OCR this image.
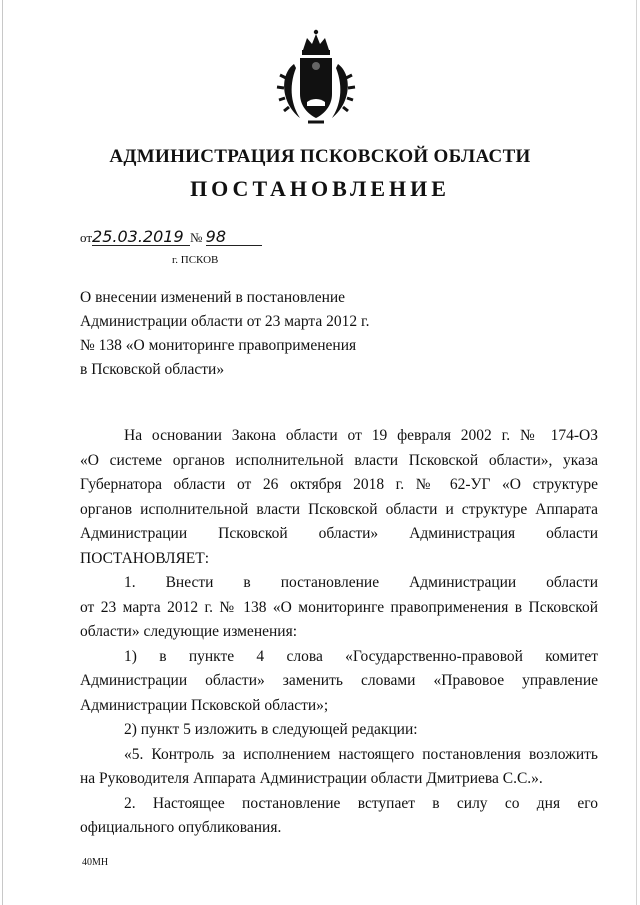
АДМИНИСТРАЦИЯ ПСКОВСКОЙ ОБЛАСТИ
ПОСТАНОВЛЕНИЕ
от25.03.2019 № 98
г. ПСКОВ
О внесении изменений в постановление
Администрации области от 23 марта 2012 г.
№ 138 «О мониторинге правоприменения
в Псковской области»

На основании Закона области от 19 февраля 2002 г. № 174-ОЗ

«О системе органов исполнительной власти Псковской области», указа

Губернатора области от 26 октября 2018 г. № 62-УГ «О структуре

органов исполнительной власти Псковской области и структуре Аппарата

Администрации Псковской области» Администрация области

ПОСТАНОВЛЯЕТ:

1. Внести в постановление Администрации области

от 23 марта 2012 г. № 138 «О мониторинге правоприменения в Псковской

области» следующие изменения:

1) в пункте 4 слова «Государственно-правовой комитет

Администрации области» заменить словами «Правовое управление

Администрации Псковской области»;

2) пункт 5 изложить в следующей редакции:

«5. Контроль за исполнением настоящего постановления возложить

на Руководителя Аппарата Администрации области Дмитриева С.С.».

2. Настоящее постановление вступает в силу со дня его

официального опубликования.

40МН
